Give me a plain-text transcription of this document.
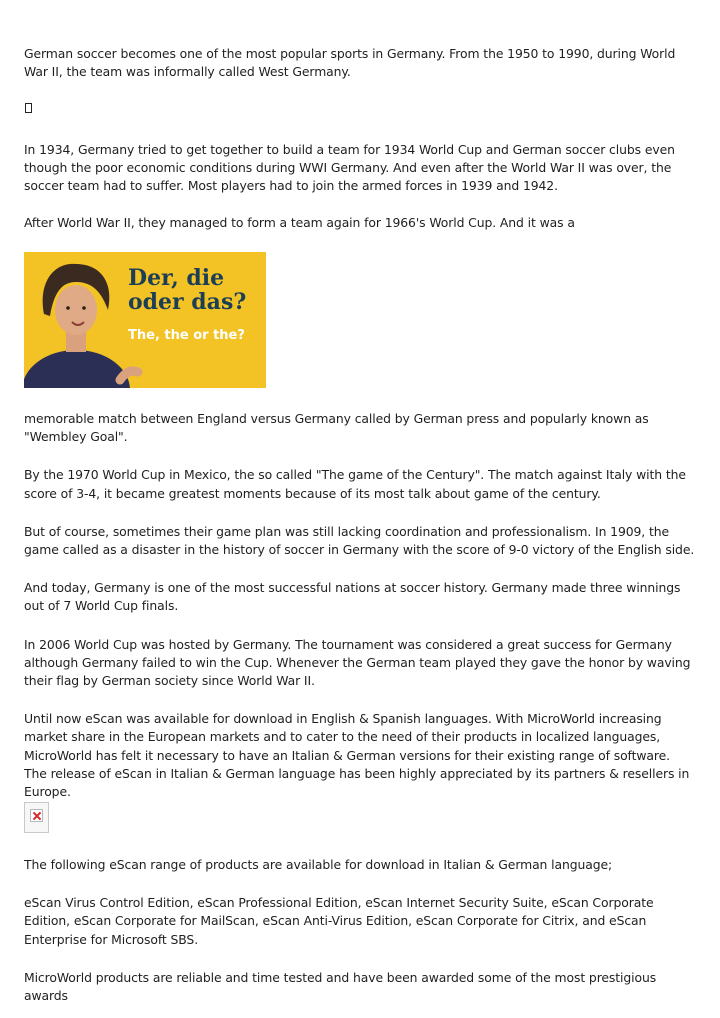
German soccer becomes one of the most popular sports in Germany. From the 1950 to 1990, during World War II, the team was informally called West Germany.

In 1934, Germany tried to get together to build a team for 1934 World Cup and German soccer clubs even though the poor economic conditions during WWI Germany. And even after the World War II was over, the soccer team had to suffer. Most players had to join the armed forces in 1939 and 1942.

After World War II, they managed to form a team again for 1966's World Cup. And it was a

Der, die
oder das?
The, the or the?

memorable match between England versus Germany called by German press and popularly known as "Wembley Goal".

By the 1970 World Cup in Mexico, the so called "The game of the Century". The match against Italy with the score of 3-4, it became greatest moments because of its most talk about game of the century.

But of course, sometimes their game plan was still lacking coordination and professionalism. In 1909, the game called as a disaster in the history of soccer in Germany with the score of 9-0 victory of the English side.

And today, Germany is one of the most successful nations at soccer history. Germany made three winnings out of 7 World Cup finals.

In 2006 World Cup was hosted by Germany. The tournament was considered a great success for Germany although Germany failed to win the Cup. Whenever the German team played they gave the honor by waving their flag by German society since World War II.

Until now eScan was available for download in English & Spanish languages. With MicroWorld increasing market share in the European markets and to cater to the need of their products in localized languages, MicroWorld has felt it necessary to have an Italian & German versions for their existing range of software. The release of eScan in Italian & German language has been highly appreciated by its partners & resellers in Europe.

The following eScan range of products are available for download in Italian & German language;

eScan Virus Control Edition, eScan Professional Edition, eScan Internet Security Suite, eScan Corporate Edition, eScan Corporate for MailScan, eScan Anti-Virus Edition, eScan Corporate for Citrix, and eScan Enterprise for Microsoft SBS.

MicroWorld products are reliable and time tested and have been awarded some of the most prestigious awards
